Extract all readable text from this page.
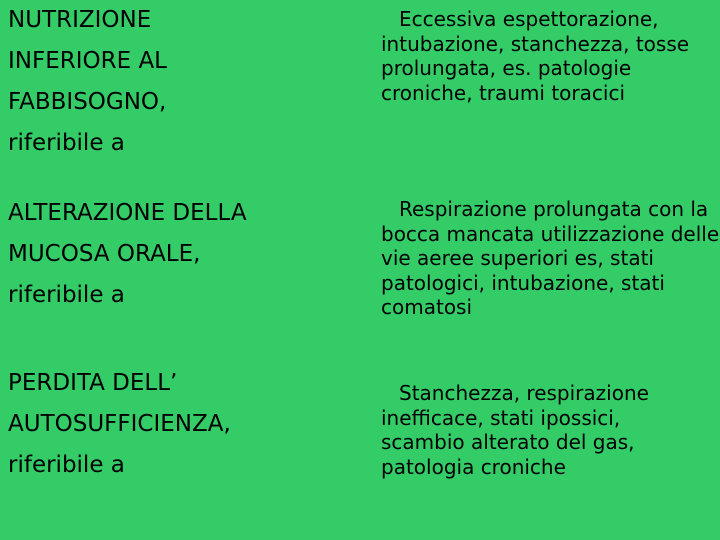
NUTRIZIONE
INFERIORE AL
FABBISOGNO,
riferibile a
Eccessiva espettorazione,
intubazione, stanchezza, tosse
prolungata, es. patologie
croniche, traumi toracici
ALTERAZIONE DELLA
MUCOSA ORALE,
riferibile a
Respirazione prolungata con la
bocca mancata utilizzazione delle
vie aeree superiori es, stati
patologici, intubazione, stati
comatosi
PERDITA DELL’
AUTOSUFFICIENZA,
riferibile a
Stanchezza, respirazione
inefficace, stati ipossici,
scambio alterato del gas,
patologia croniche
